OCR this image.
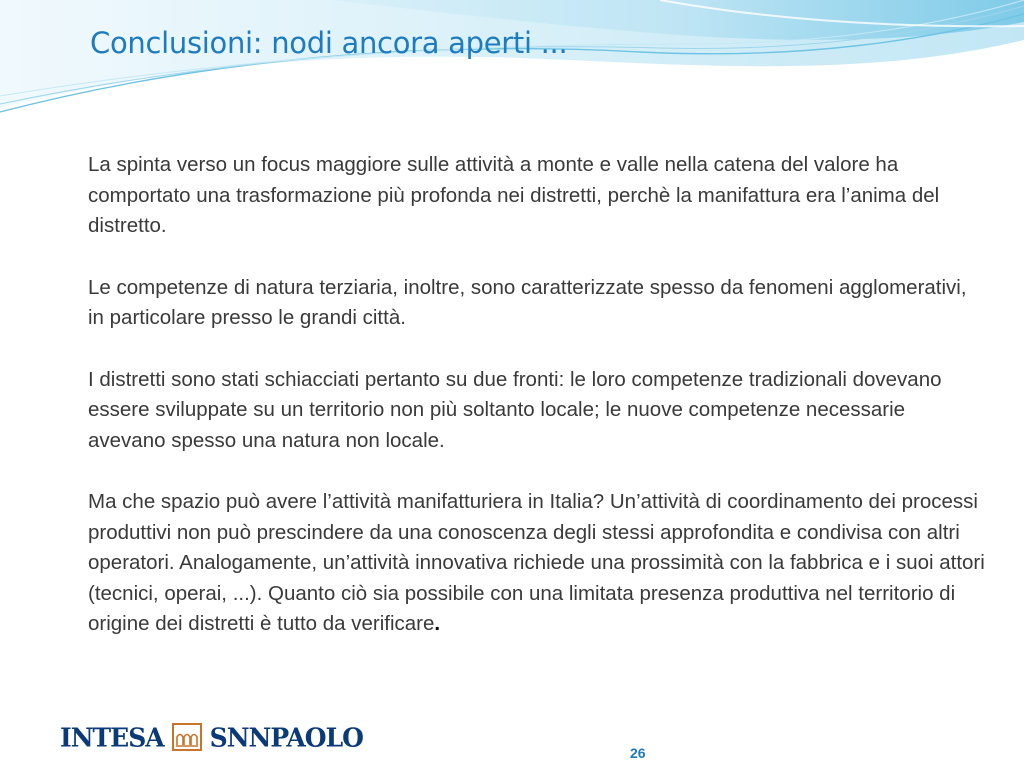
Conclusioni: nodi ancora aperti ...

La spinta verso un focus maggiore sulle attività a monte e valle nella catena del valore ha comportato una trasformazione più profonda nei distretti, perchè la manifattura era l’anima del distretto.

Le competenze di natura terziaria, inoltre, sono caratterizzate spesso da fenomeni agglomerativi, in particolare presso le grandi città.

I distretti sono stati schiacciati pertanto su due fronti: le loro competenze tradizionali dovevano essere sviluppate su un territorio non più soltanto locale; le nuove competenze necessarie avevano spesso una natura non locale.

Ma che spazio può avere l’attività manifatturiera in Italia? Un’attività di coordinamento dei processi produttivi non può prescindere da una conoscenza degli stessi approfondita e condivisa con altri operatori. Analogamente, un’attività innovativa richiede una prossimità con la fabbrica e i suoi attori (tecnici, operai, ...). Quanto ciò sia possibile con una limitata presenza produttiva nel territorio di origine dei distretti è tutto da verificare.

INTESA SNNPAOLO
26
